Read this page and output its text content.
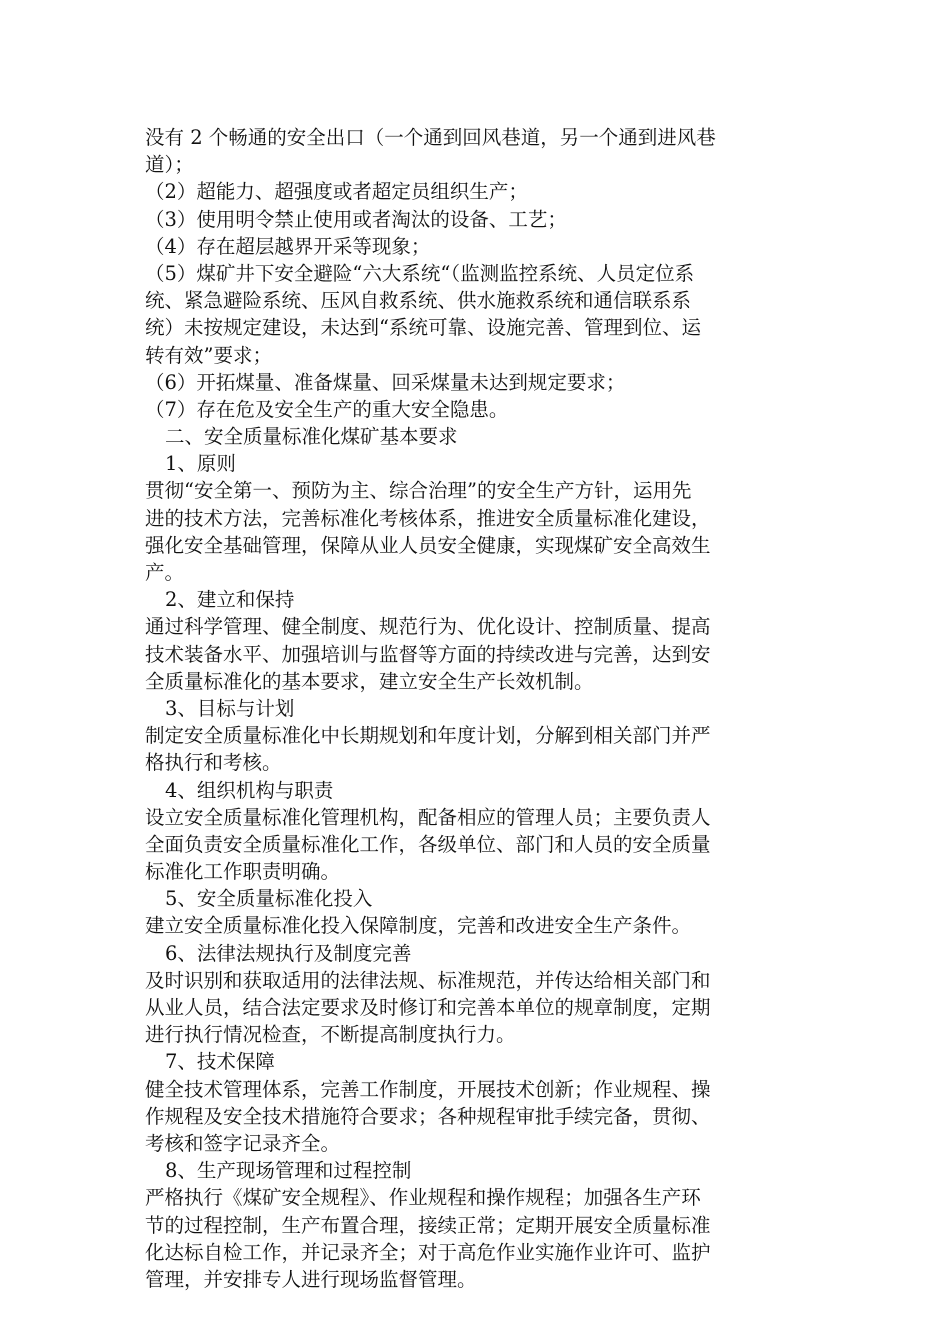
没有 2 个畅通的安全出口（一个通到回风巷道，另一个通到进风巷
道）；
（2）超能力、超强度或者超定员组织生产；
（3）使用明令禁止使用或者淘汰的设备、工艺；
（4）存在超层越界开采等现象；
（5）煤矿井下安全避险“六大系统“（监测监控系统、人员定位系
统、紧急避险系统、压风自救系统、供水施救系统和通信联系系
统）未按规定建设，未达到“系统可靠、设施完善、管理到位、运
转有效”要求；
（6）开拓煤量、准备煤量、回采煤量未达到规定要求；
（7）存在危及安全生产的重大安全隐患。
二、安全质量标准化煤矿基本要求
1、原则
贯彻“安全第一、预防为主、综合治理”的安全生产方针，运用先
进的技术方法，完善标准化考核体系，推进安全质量标准化建设，
强化安全基础管理，保障从业人员安全健康，实现煤矿安全高效生
产。
2、建立和保持
通过科学管理、健全制度、规范行为、优化设计、控制质量、提高
技术装备水平、加强培训与监督等方面的持续改进与完善，达到安
全质量标准化的基本要求，建立安全生产长效机制。
3、目标与计划
制定安全质量标准化中长期规划和年度计划，分解到相关部门并严
格执行和考核。
4、组织机构与职责
设立安全质量标准化管理机构，配备相应的管理人员；主要负责人
全面负责安全质量标准化工作，各级单位、部门和人员的安全质量
标准化工作职责明确。
5、安全质量标准化投入
建立安全质量标准化投入保障制度，完善和改进安全生产条件。
6、法律法规执行及制度完善
及时识别和获取适用的法律法规、标准规范，并传达给相关部门和
从业人员，结合法定要求及时修订和完善本单位的规章制度，定期
进行执行情况检查，不断提高制度执行力。
7、技术保障
健全技术管理体系，完善工作制度，开展技术创新；作业规程、操
作规程及安全技术措施符合要求；各种规程审批手续完备，贯彻、
考核和签字记录齐全。
8、生产现场管理和过程控制
严格执行《煤矿安全规程》、作业规程和操作规程；加强各生产环
节的过程控制，生产布置合理，接续正常；定期开展安全质量标准
化达标自检工作，并记录齐全；对于高危作业实施作业许可、监护
管理，并安排专人进行现场监督管理。
